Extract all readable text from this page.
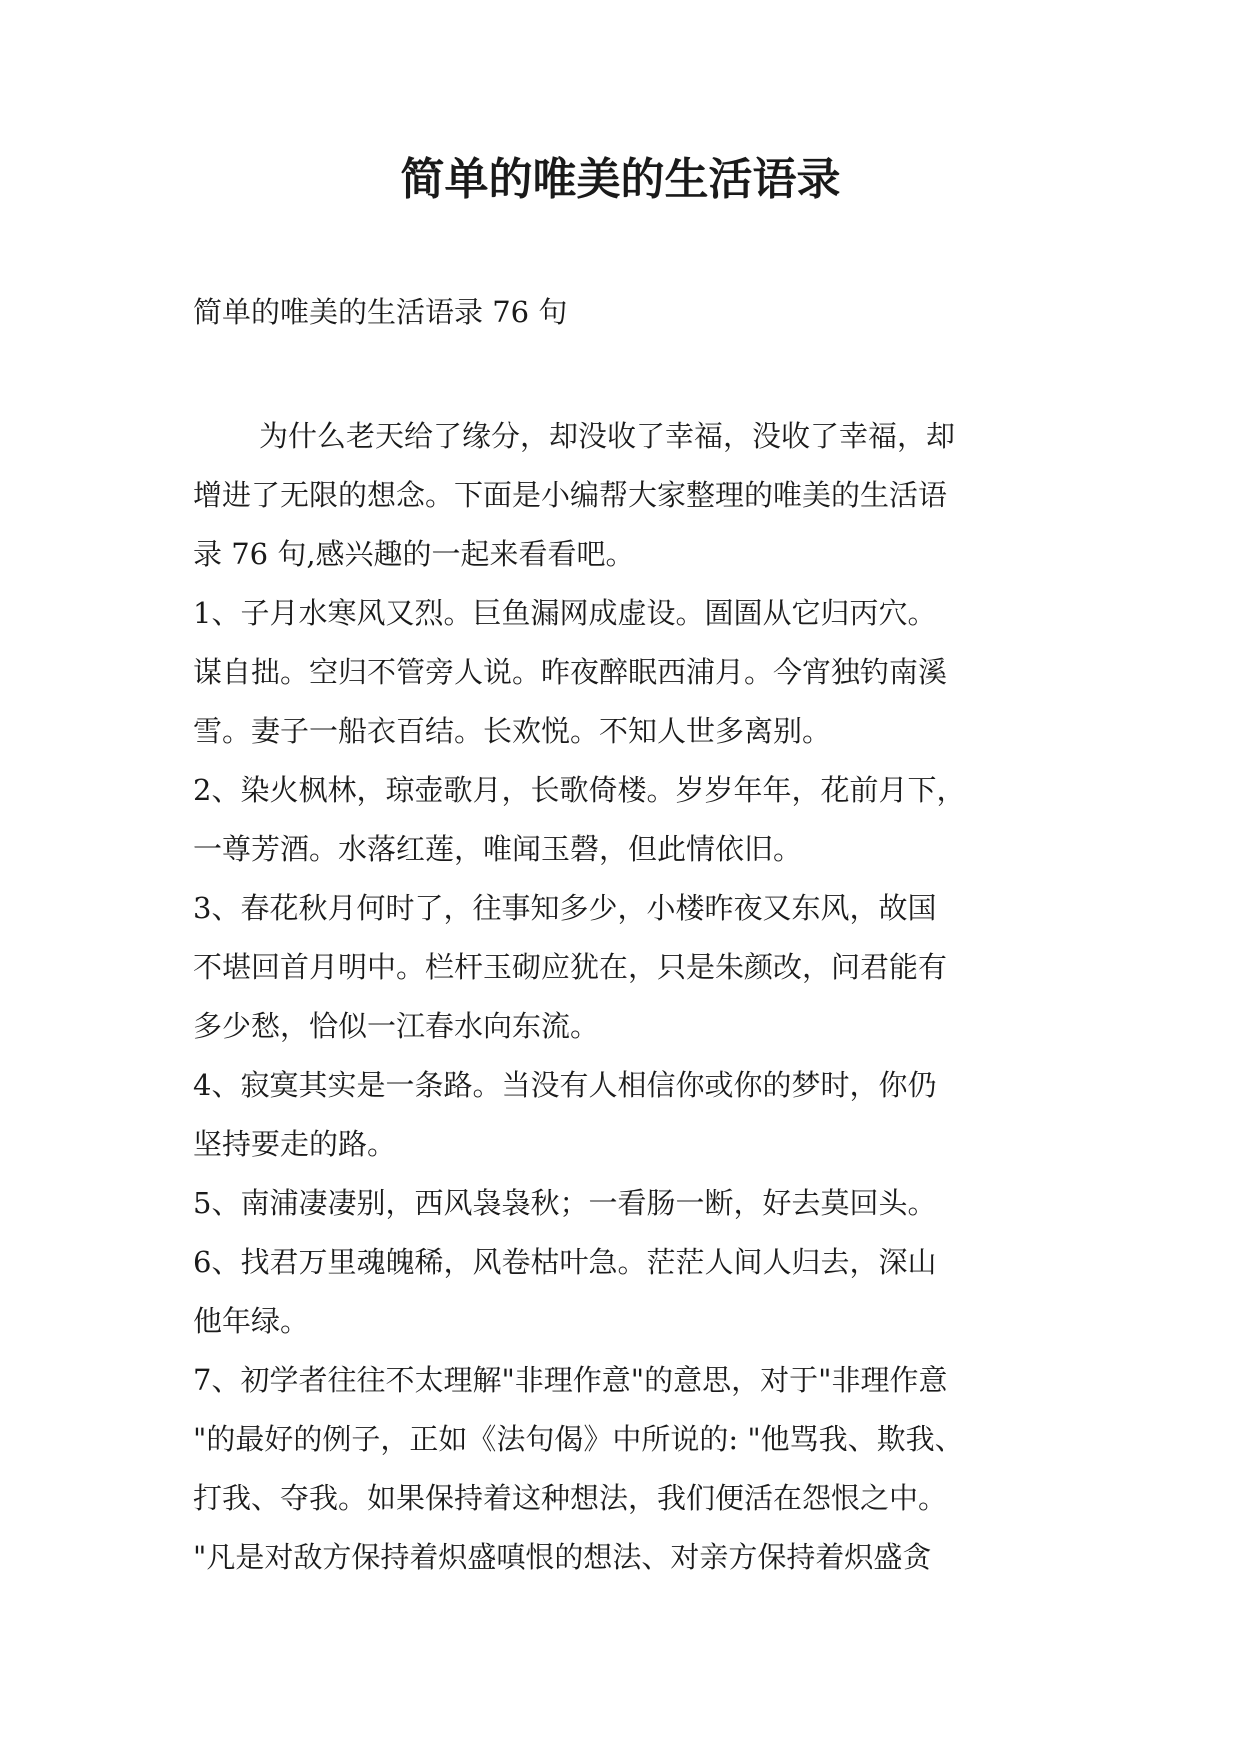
简单的唯美的生活语录

简单的唯美的生活语录 76 句

为什么老天给了缘分，却没收了幸福，没收了幸福，却
增进了无限的想念。下面是小编帮大家整理的唯美的生活语
录 76 句,感兴趣的一起来看看吧。
1、子月水寒风又烈。巨鱼漏网成虚设。圄圄从它归丙穴。
谋自拙。空归不管旁人说。昨夜醉眠西浦月。今宵独钓南溪
雪。妻子一船衣百结。长欢悦。不知人世多离别。
2、染火枫林，琼壶歌月，长歌倚楼。岁岁年年，花前月下，
一尊芳酒。水落红莲，唯闻玉磬，但此情依旧。
3、春花秋月何时了，往事知多少，小楼昨夜又东风，故国
不堪回首月明中。栏杆玉砌应犹在，只是朱颜改，问君能有
多少愁，恰似一江春水向东流。
4、寂寞其实是一条路。当没有人相信你或你的梦时，你仍
坚持要走的路。
5、南浦凄凄别，西风袅袅秋；一看肠一断，好去莫回头。
6、找君万里魂魄稀，风卷枯叶急。茫茫人间人归去，深山
他年绿。
7、初学者往往不太理解"非理作意"的意思，对于"非理作意
"的最好的例子，正如《法句偈》中所说的: "他骂我、欺我、
打我、夺我。如果保持着这种想法，我们便活在怨恨之中。
"凡是对敌方保持着炽盛嗔恨的想法、对亲方保持着炽盛贪
